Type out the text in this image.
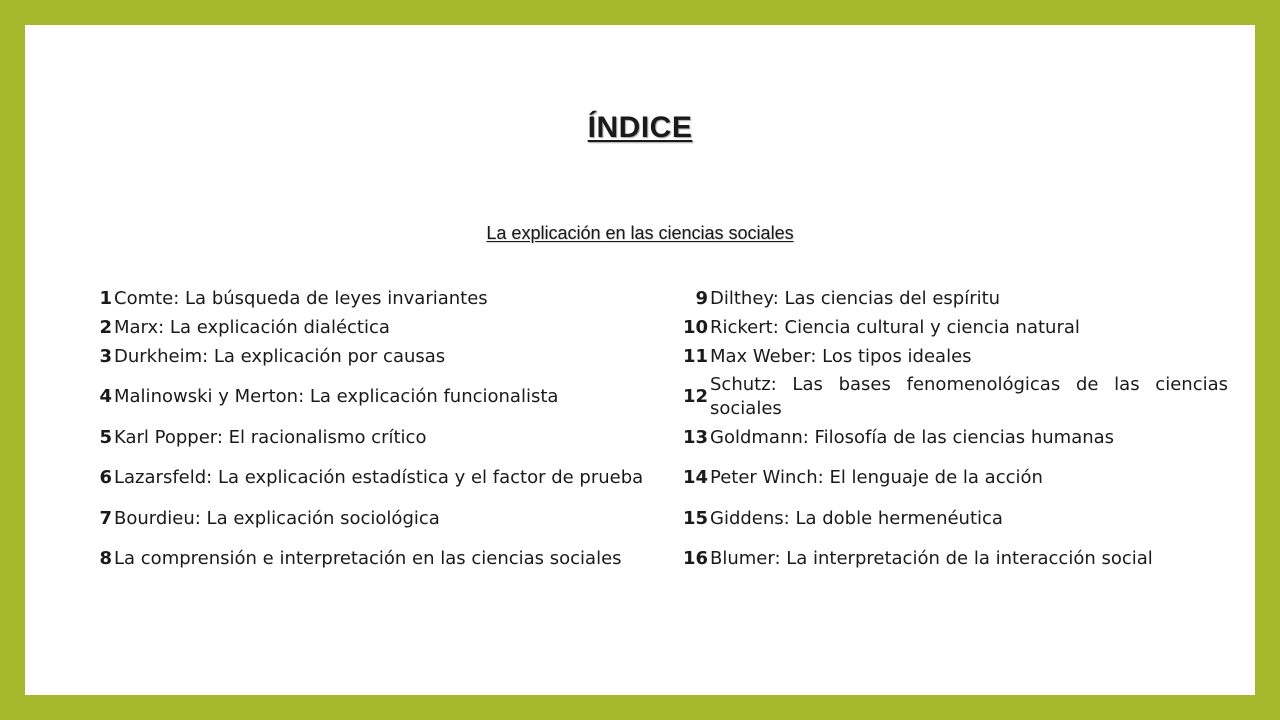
ÍNDICE
La explicación en las ciencias sociales
1 Comte: La búsqueda de leyes invariantes
2 Marx: La explicación dialéctica
3 Durkheim: La explicación por causas
4 Malinowski y Merton: La explicación funcionalista
5 Karl Popper: El racionalismo crítico
6 Lazarsfeld: La explicación estadística y el factor de prueba
7 Bourdieu: La explicación sociológica
8 La comprensión e interpretación en las ciencias sociales
9 Dilthey: Las ciencias del espíritu
10 Rickert: Ciencia cultural y ciencia natural
11 Max Weber: Los tipos ideales
12
Schutz: Las bases fenomenológicas de las ciencias sociales
13 Goldmann: Filosofía de las ciencias humanas
14 Peter Winch: El lenguaje de la acción
15 Giddens: La doble hermenéutica
16 Blumer: La interpretación de la interacción social
